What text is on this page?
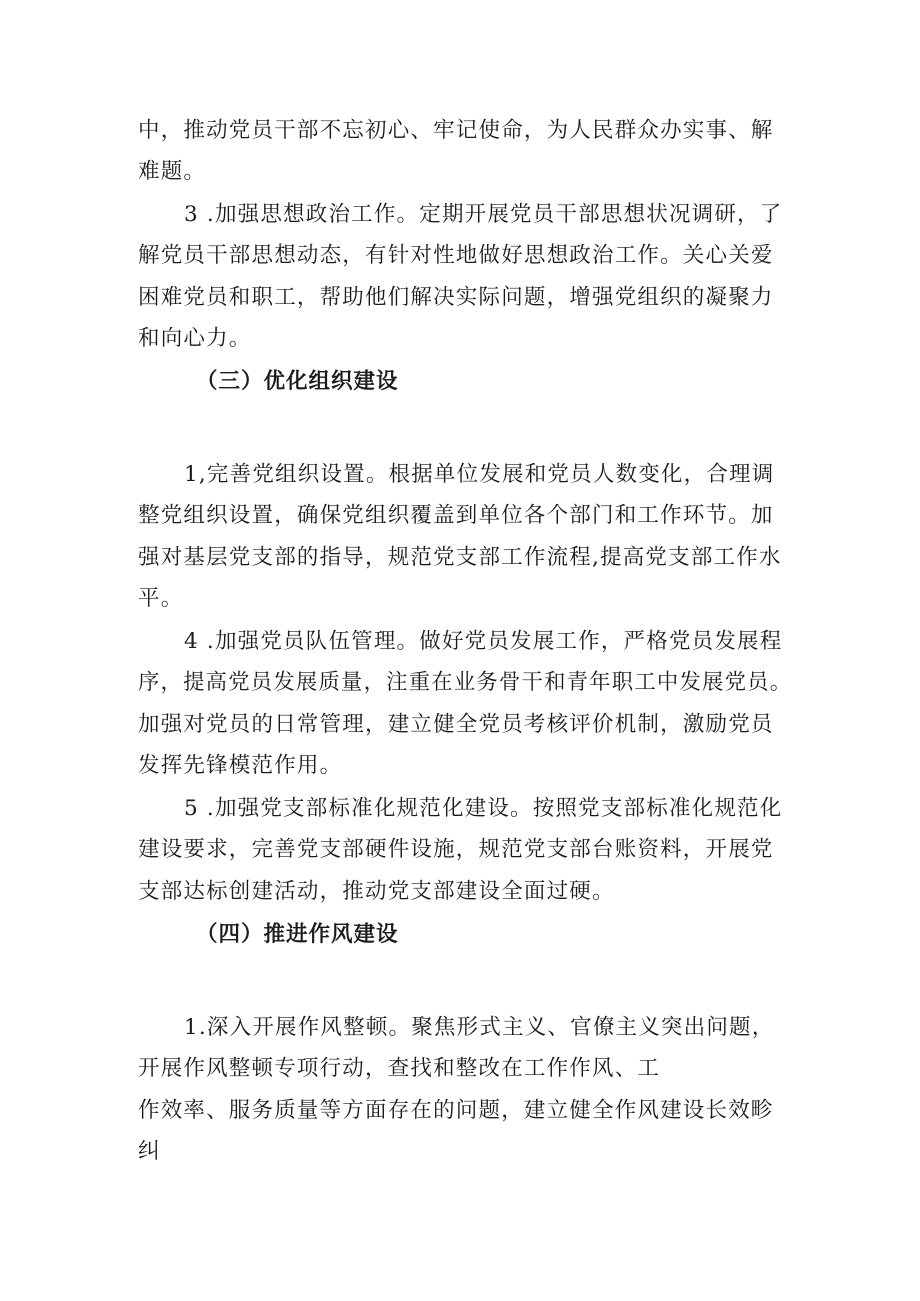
中，推动党员干部不忘初心、牢记使命，为人民群众办实事、解
难题。
3 .加强思想政治工作。定期开展党员干部思想状况调研，了
解党员干部思想动态，有针对性地做好思想政治工作。关心关爱
困难党员和职工，帮助他们解决实际问题，增强党组织的凝聚力
和向心力。
（三）优化组织建设
1,完善党组织设置。根据单位发展和党员人数变化，合理调
整党组织设置，确保党组织覆盖到单位各个部门和工作环节。加
强对基层党支部的指导，规范党支部工作流程,提高党支部工作水
平。
4 .加强党员队伍管理。做好党员发展工作，严格党员发展程
序，提高党员发展质量，注重在业务骨干和青年职工中发展党员。
加强对党员的日常管理，建立健全党员考核评价机制，激励党员
发挥先锋模范作用。
5 .加强党支部标准化规范化建设。按照党支部标准化规范化
建设要求，完善党支部硬件设施，规范党支部台账资料，开展党
支部达标创建活动，推动党支部建设全面过硬。
（四）推进作风建设
1.深入开展作风整顿。聚焦形式主义、官僚主义突出问题，
开展作风整顿专项行动，查找和整改在工作作风、工
作效率、服务质量等方面存在的问题，建立健全作风建设长效畛
纠
